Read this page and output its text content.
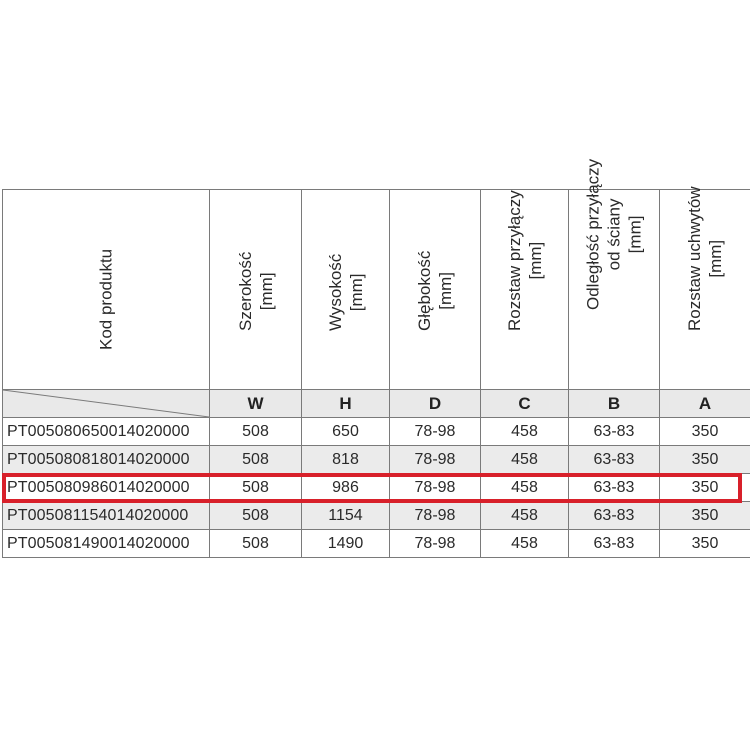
Kod produktu	Szerokość [mm]	Wysokość [mm]	Głębokość [mm]	Rozstaw przyłączy [mm]	Odległość przyłączy od ściany [mm]	Rozstaw uchwytów [mm]

	W	H	D	C	B	A
PT005080650014020000	508	650	78-98	458	63-83	350
PT005080818014020000	508	818	78-98	458	63-83	350
PT005080986014020000	508	986	78-98	458	63-83	350
PT005081154014020000	508	1154	78-98	458	63-83	350
PT005081490014020000	508	1490	78-98	458	63-83	350
